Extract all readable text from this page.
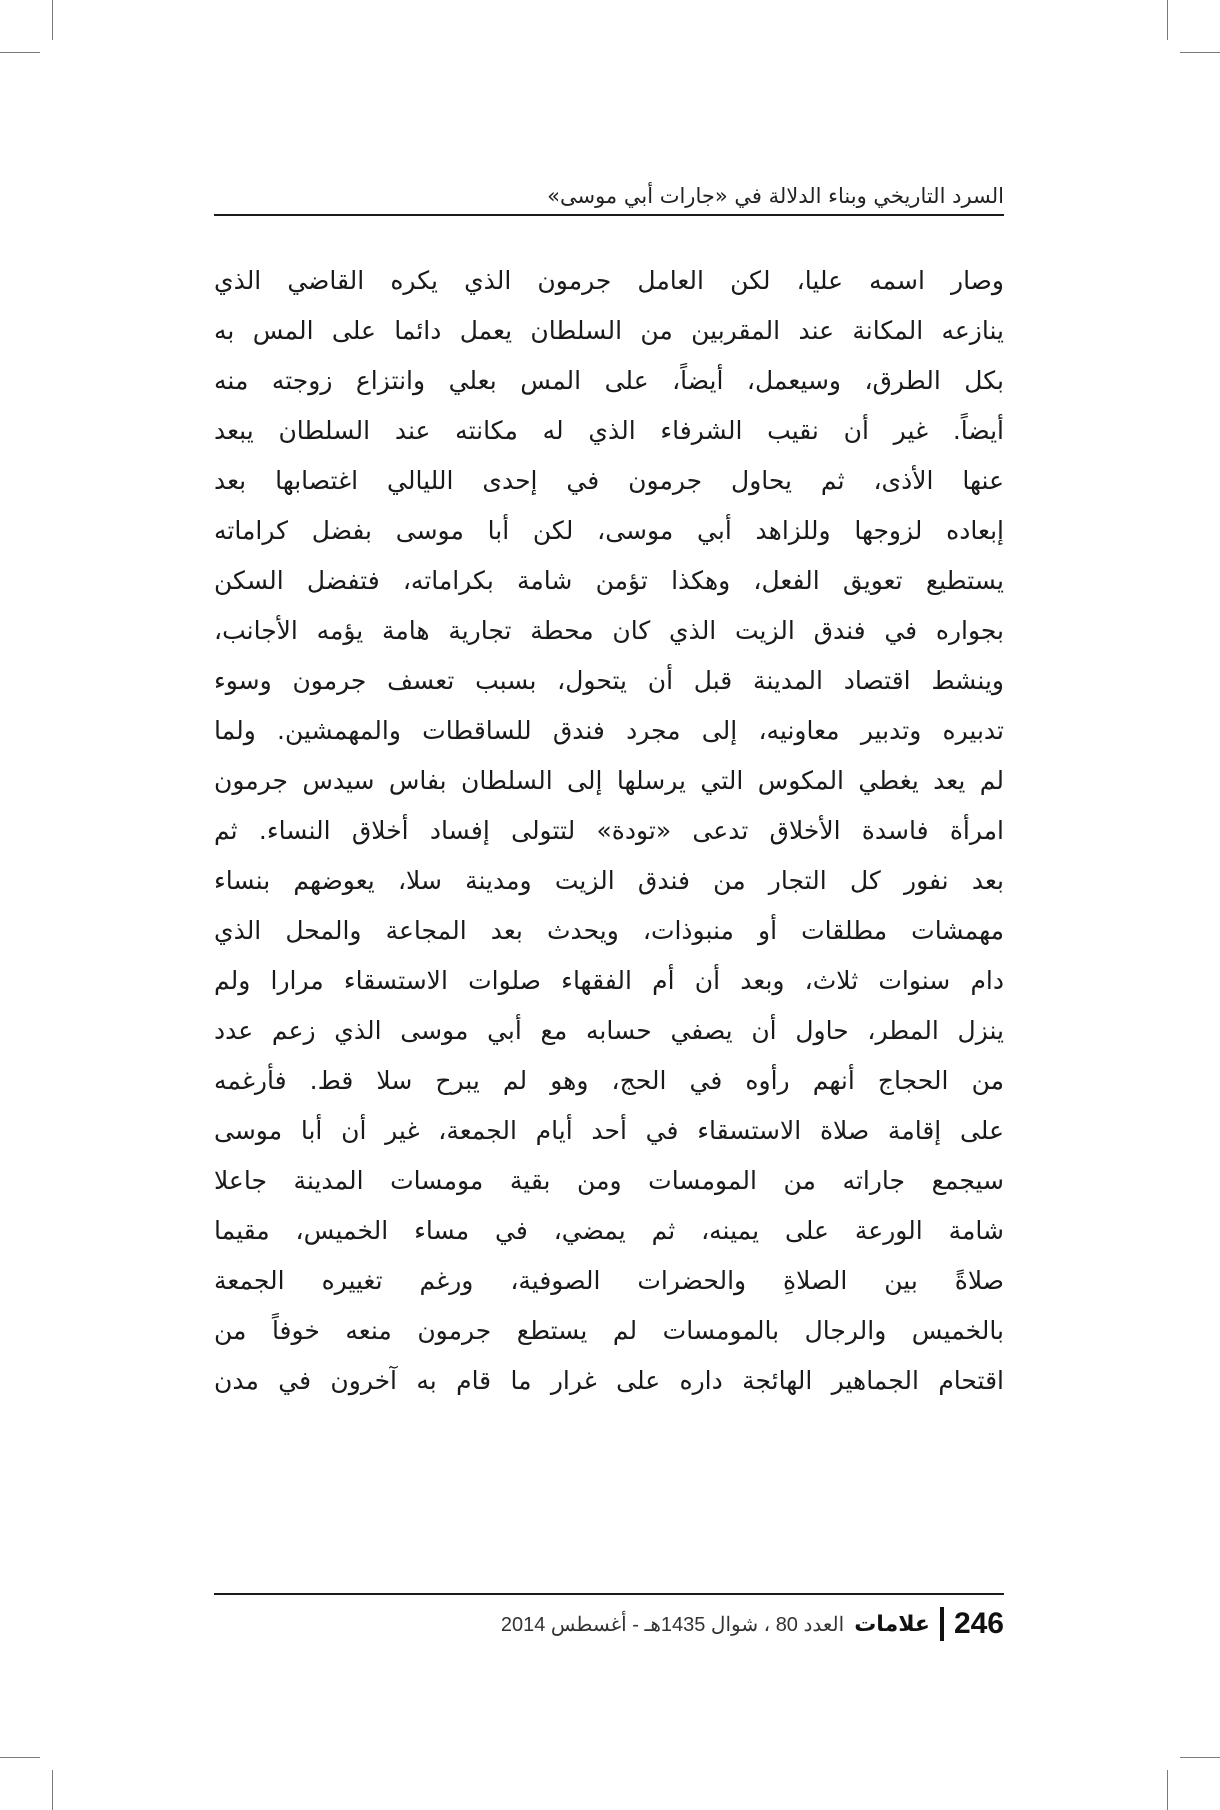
السرد التاريخي وبناء الدلالة في «جارات أبي موسى»
وصار اسمه عليا، لكن العامل جرمون الذي يكره القاضي الذي
ينازعه المكانة عند المقربين من السلطان يعمل دائما على المس به
بكل الطرق، وسيعمل، أيضاً، على المس بعلي وانتزاع زوجته منه
أيضاً. غير أن نقيب الشرفاء الذي له مكانته عند السلطان يبعد
عنها الأذى، ثم يحاول جرمون في إحدى الليالي اغتصابها بعد
إبعاده لزوجها وللزاهد أبي موسى، لكن أبا موسى بفضل كراماته
يستطيع تعويق الفعل، وهكذا تؤمن شامة بكراماته، فتفضل السكن
بجواره في فندق الزيت الذي كان محطة تجارية هامة يؤمه الأجانب،
وينشط اقتصاد المدينة قبل أن يتحول، بسبب تعسف جرمون وسوء
تدبيره وتدبير معاونيه، إلى مجرد فندق للساقطات والمهمشين. ولما
لم يعد يغطي المكوس التي يرسلها إلى السلطان بفاس سيدس جرمون
امرأة فاسدة الأخلاق تدعى «تودة» لتتولى إفساد أخلاق النساء. ثم
بعد نفور كل التجار من فندق الزيت ومدينة سلا، يعوضهم بنساء
مهمشات مطلقات أو منبوذات، ويحدث بعد المجاعة والمحل الذي
دام سنوات ثلاث، وبعد أن أم الفقهاء صلوات الاستسقاء مرارا ولم
ينزل المطر، حاول أن يصفي حسابه مع أبي موسى الذي زعم عدد
من الحجاج أنهم رأوه في الحج، وهو لم يبرح سلا قط. فأرغمه
على إقامة صلاة الاستسقاء في أحد أيام الجمعة، غير أن أبا موسى
سيجمع جاراته من المومسات ومن بقية مومسات المدينة جاعلا
شامة الورعة على يمينه، ثم يمضي، في مساء الخميس، مقيما
صلاةً بين الصلاةِ والحضرات الصوفية، ورغم تغييره الجمعة
بالخميس والرجال بالمومسات لم يستطع جرمون منعه خوفاً من
اقتحام الجماهير الهائجة داره على غرار ما قام به آخرون في مدن
246
علامات
العدد 80 ، شوال 1435هـ - أغسطس 2014
